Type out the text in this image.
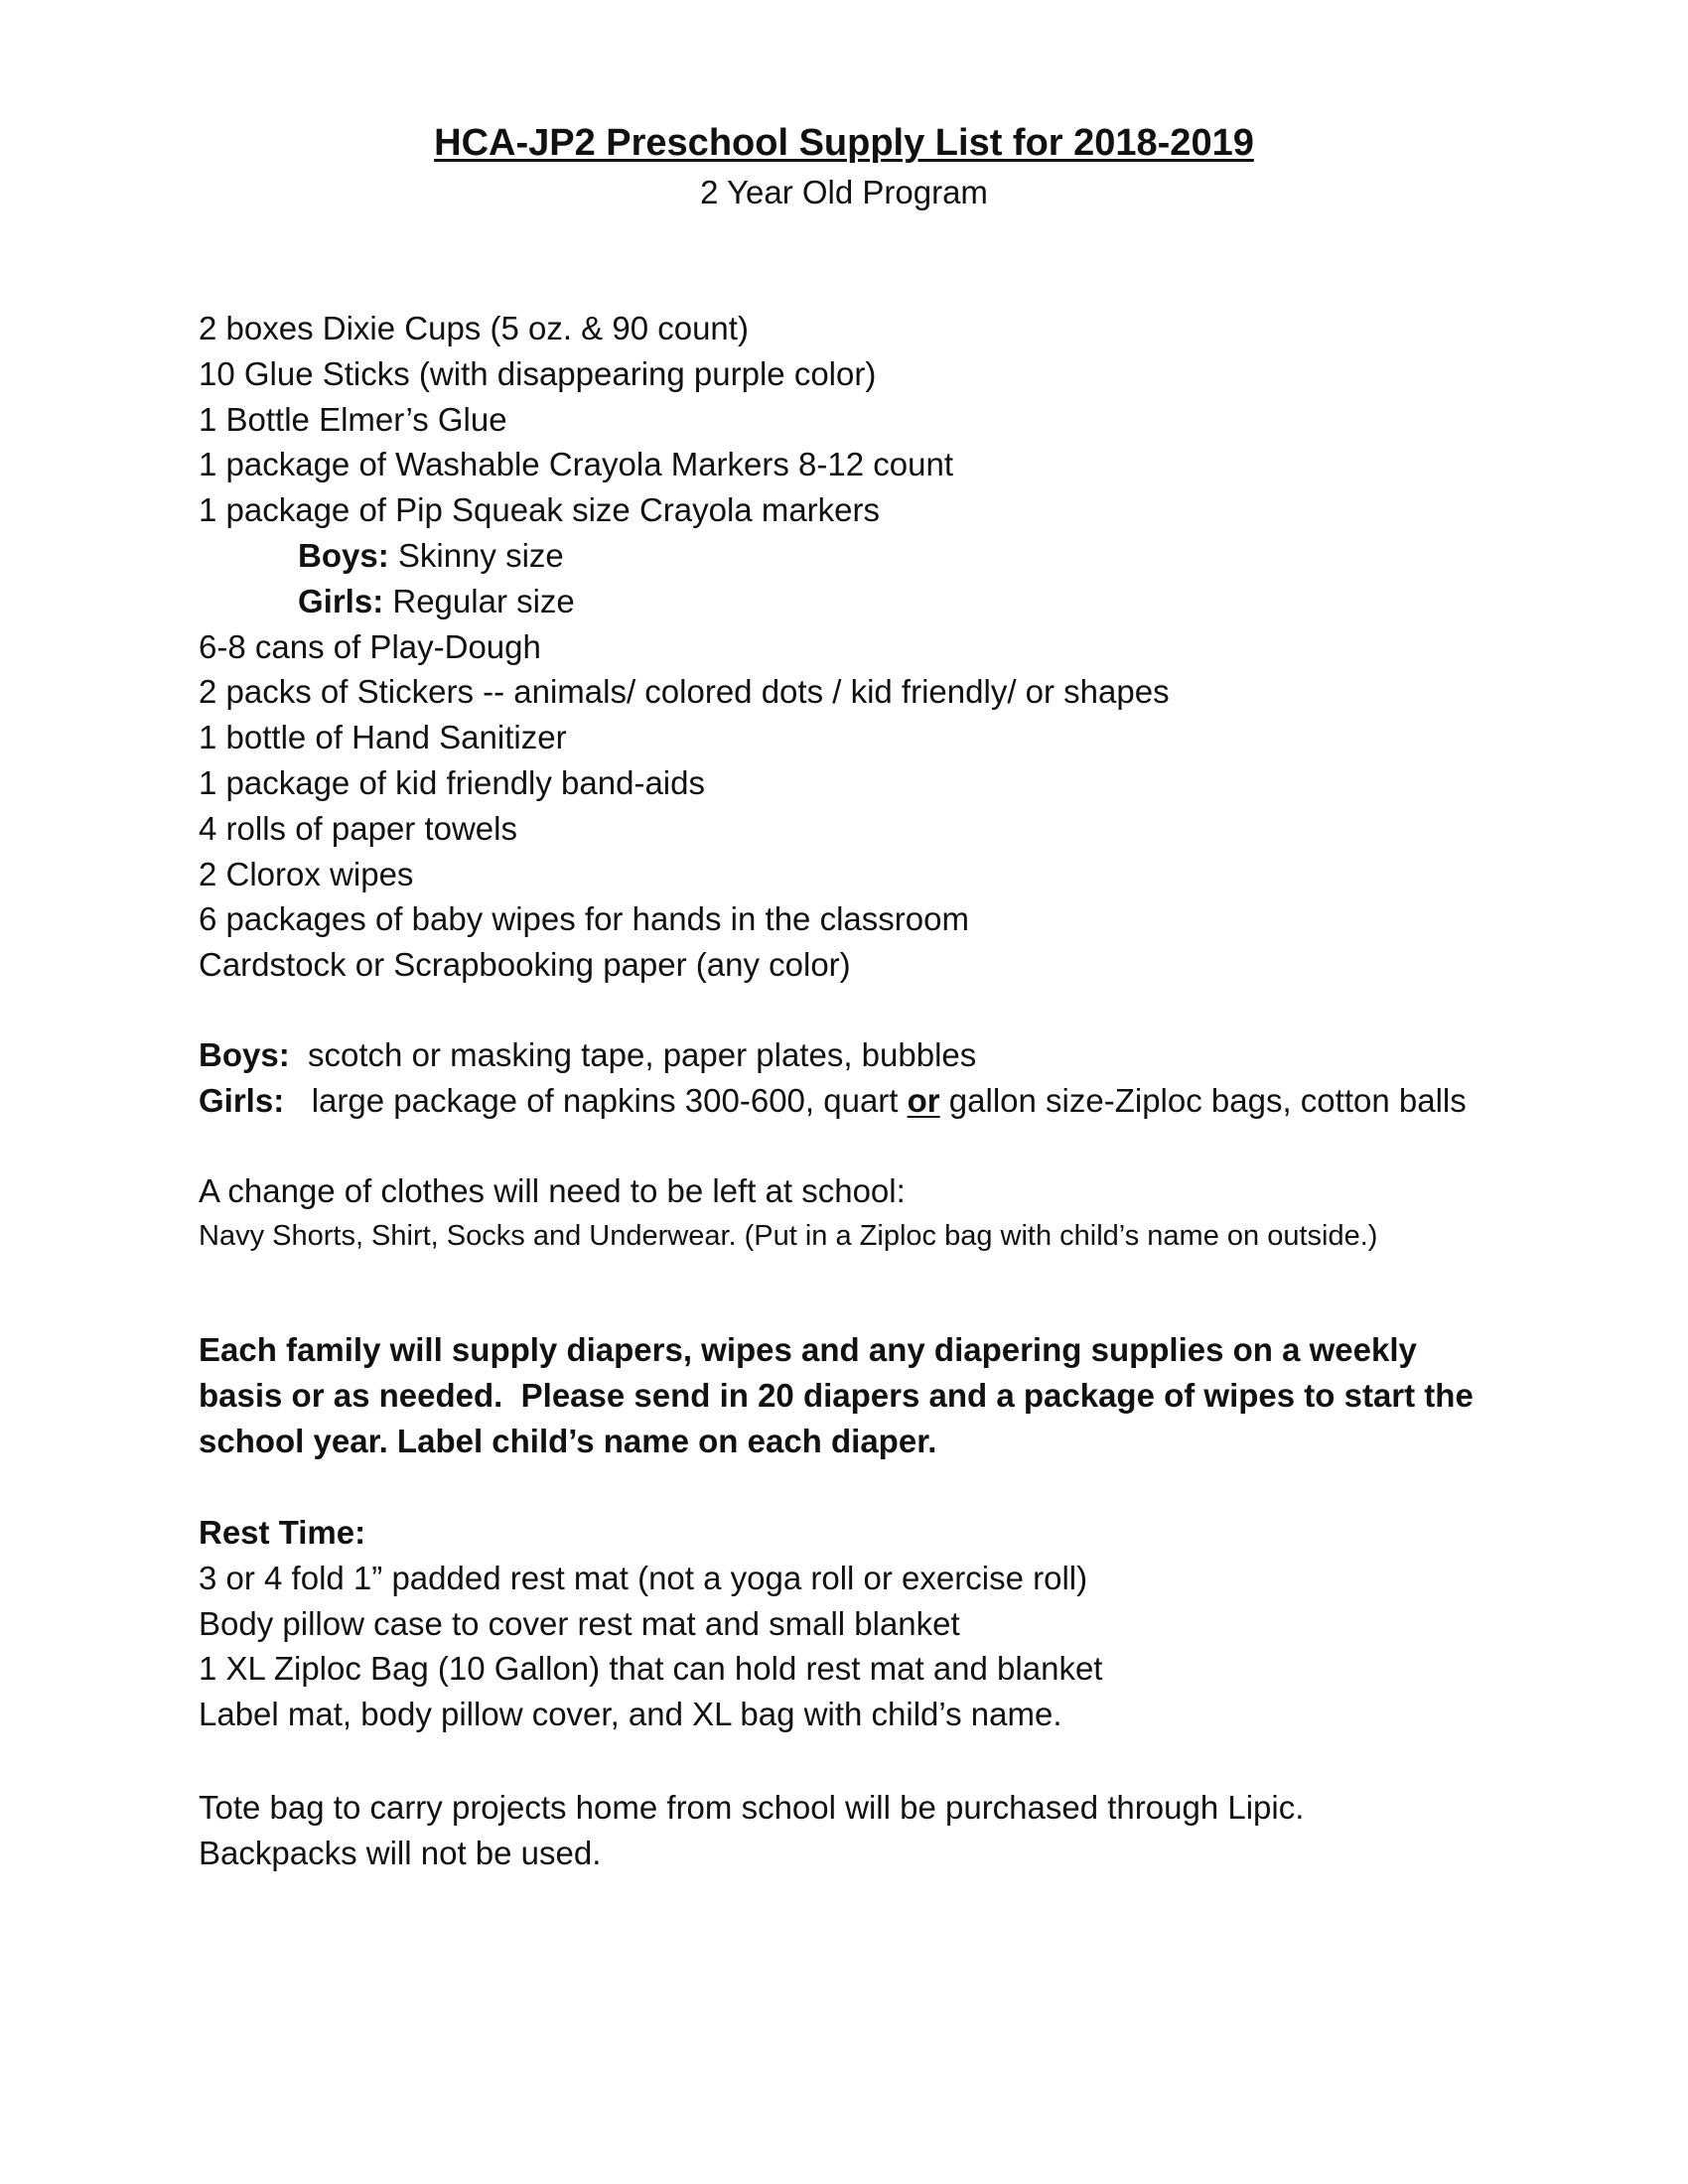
HCA-JP2 Preschool Supply List for 2018-2019
2 Year Old Program
2 boxes Dixie Cups (5 oz. & 90 count)
10 Glue Sticks (with disappearing purple color)
1 Bottle Elmer’s Glue
1 package of Washable Crayola Markers 8-12 count
1 package of Pip Squeak size Crayola markers
Boys: Skinny size
Girls: Regular size
6-8 cans of Play-Dough
2 packs of Stickers -- animals/ colored dots / kid friendly/ or shapes
1 bottle of Hand Sanitizer
1 package of kid friendly band-aids
4 rolls of paper towels
2 Clorox wipes
6 packages of baby wipes for hands in the classroom
Cardstock or Scrapbooking paper (any color)
Boys:  scotch or masking tape, paper plates, bubbles
Girls:   large package of napkins 300-600, quart or gallon size-Ziploc bags, cotton balls
A change of clothes will need to be left at school:
Navy Shorts, Shirt, Socks and Underwear. (Put in a Ziploc bag with child’s name on outside.)
Each family will supply diapers, wipes and any diapering supplies on a weekly
basis or as needed.  Please send in 20 diapers and a package of wipes to start the
school year. Label child’s name on each diaper.
Rest Time:
3 or 4 fold 1” padded rest mat (not a yoga roll or exercise roll)
Body pillow case to cover rest mat and small blanket
1 XL Ziploc Bag (10 Gallon) that can hold rest mat and blanket
Label mat, body pillow cover, and XL bag with child’s name.
Tote bag to carry projects home from school will be purchased through Lipic.
Backpacks will not be used.
